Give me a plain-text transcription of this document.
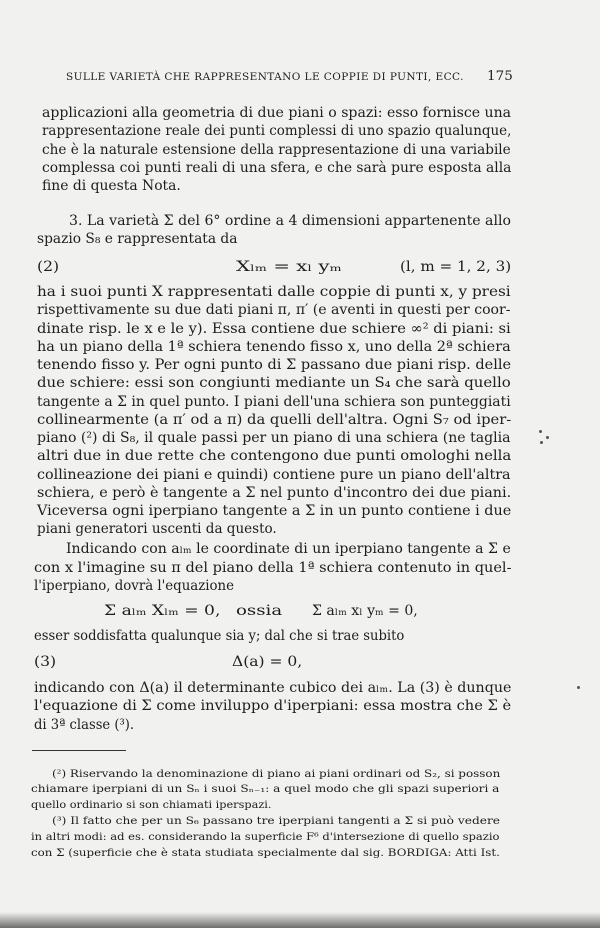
SULLE VARIETÀ CHE RAPPRESENTANO LE COPPIE DI PUNTI, ECC. 175
applicazioni alla geometria di due piani o spazi: esso fornisce una
rappresentazione reale dei punti complessi di uno spazio qualunque,
che è la naturale estensione della rappresentazione di una variabile
complessa coi punti reali di una sfera, e che sarà pure esposta alla
fine di questa Nota.
3. La varietà Σ del 6° ordine a 4 dimensioni appartenente allo
spazio S₈ e rappresentata da
(2)	Xₗₘ = xₗ yₘ	(l, m = 1, 2, 3)
ha i suoi punti X rappresentati dalle coppie di punti x, y presi
rispettivamente su due dati piani π, π′ (e aventi in questi per coor-
dinate risp. le x e le y). Essa contiene due schiere ∞² di piani: si
ha un piano della 1ª schiera tenendo fisso x, uno della 2ª schiera
tenendo fisso y. Per ogni punto di Σ passano due piani risp. delle
due schiere: essi son congiunti mediante un S₄ che sarà quello
tangente a Σ in quel punto. I piani dell'una schiera son punteggiati
collinearmente (a π′ od a π) da quelli dell'altra. Ogni S₇ od iper-
piano (²) di S₈, il quale passi per un piano di una schiera (ne taglia
altri due in due rette che contengono due punti omologhi nella
collineazione dei piani e quindi) contiene pure un piano dell'altra
schiera, e però è tangente a Σ nel punto d'incontro dei due piani.
Viceversa ogni iperpiano tangente a Σ in un punto contiene i due
piani generatori uscenti da questo.
Indicando con aₗₘ le coordinate di un iperpiano tangente a Σ e
con x l'imagine su π del piano della 1ª schiera contenuto in quel-
l'iperpiano, dovrà l'equazione
Σ aₗₘ Xₗₘ = 0, ossia Σ aₗₘ xₗ yₘ = 0,
esser soddisfatta qualunque sia y; dal che si trae subito
(3)	Δ(a) = 0,
indicando con Δ(a) il determinante cubico dei aₗₘ. La (3) è dunque
l'equazione di Σ come inviluppo d'iperpiani: essa mostra che Σ è
di 3ª classe (³).
(²) Riservando la denominazione di piano ai piani ordinari od S₂, si posson
chiamare iperpiani di un Sₙ i suoi Sₙ₋₁: a quel modo che gli spazi superiori a
quello ordinario si son chiamati iperspazi.
(³) Il fatto che per un S₆ passano tre iperpiani tangenti a Σ si può vedere
in altri modi: ad es. considerando la superficie F⁶ d'intersezione di quello spazio
con Σ (superficie che è stata studiata specialmente dal sig. BORDIGA: Atti Ist.
